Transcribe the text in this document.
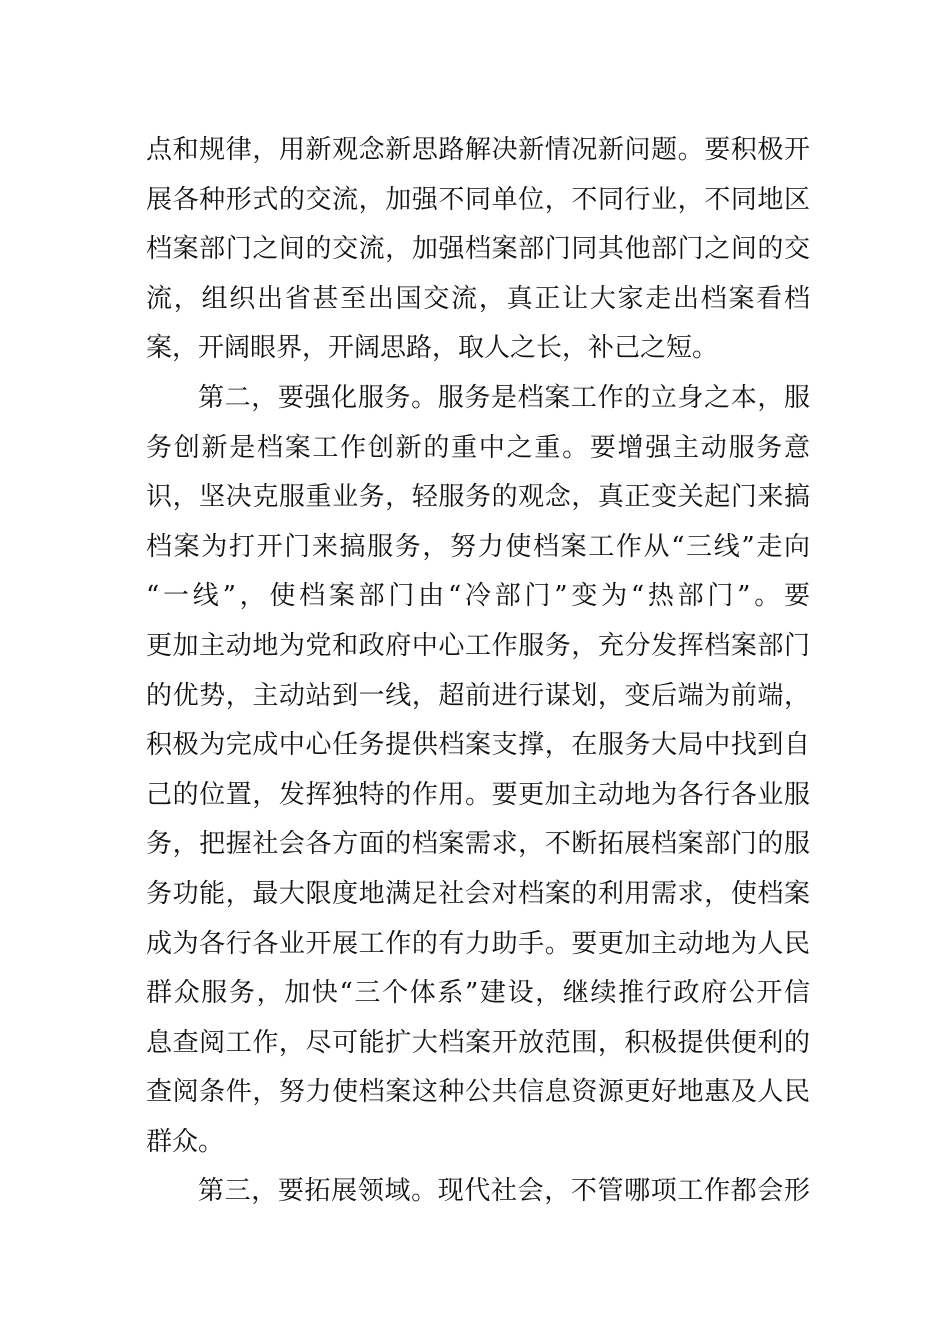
点和规律，用新观念新思路解决新情况新问题。要积极开
展各种形式的交流，加强不同单位，不同行业，不同地区
档案部门之间的交流，加强档案部门同其他部门之间的交
流，组织出省甚至出国交流，真正让大家走出档案看档
案，开阔眼界，开阔思路，取人之长，补己之短。
第二，要强化服务。服务是档案工作的立身之本，服
务创新是档案工作创新的重中之重。要增强主动服务意
识，坚决克服重业务，轻服务的观念，真正变关起门来搞
档案为打开门来搞服务，努力使档案工作从“三线”走向
“一线”，使档案部门由“冷部门”变为“热部门”。要
更加主动地为党和政府中心工作服务，充分发挥档案部门
的优势，主动站到一线，超前进行谋划，变后端为前端，
积极为完成中心任务提供档案支撑，在服务大局中找到自
己的位置，发挥独特的作用。要更加主动地为各行各业服
务，把握社会各方面的档案需求，不断拓展档案部门的服
务功能，最大限度地满足社会对档案的利用需求，使档案
成为各行各业开展工作的有力助手。要更加主动地为人民
群众服务，加快“三个体系”建设，继续推行政府公开信
息查阅工作，尽可能扩大档案开放范围，积极提供便利的
查阅条件，努力使档案这种公共信息资源更好地惠及人民
群众。
第三，要拓展领域。现代社会，不管哪项工作都会形
